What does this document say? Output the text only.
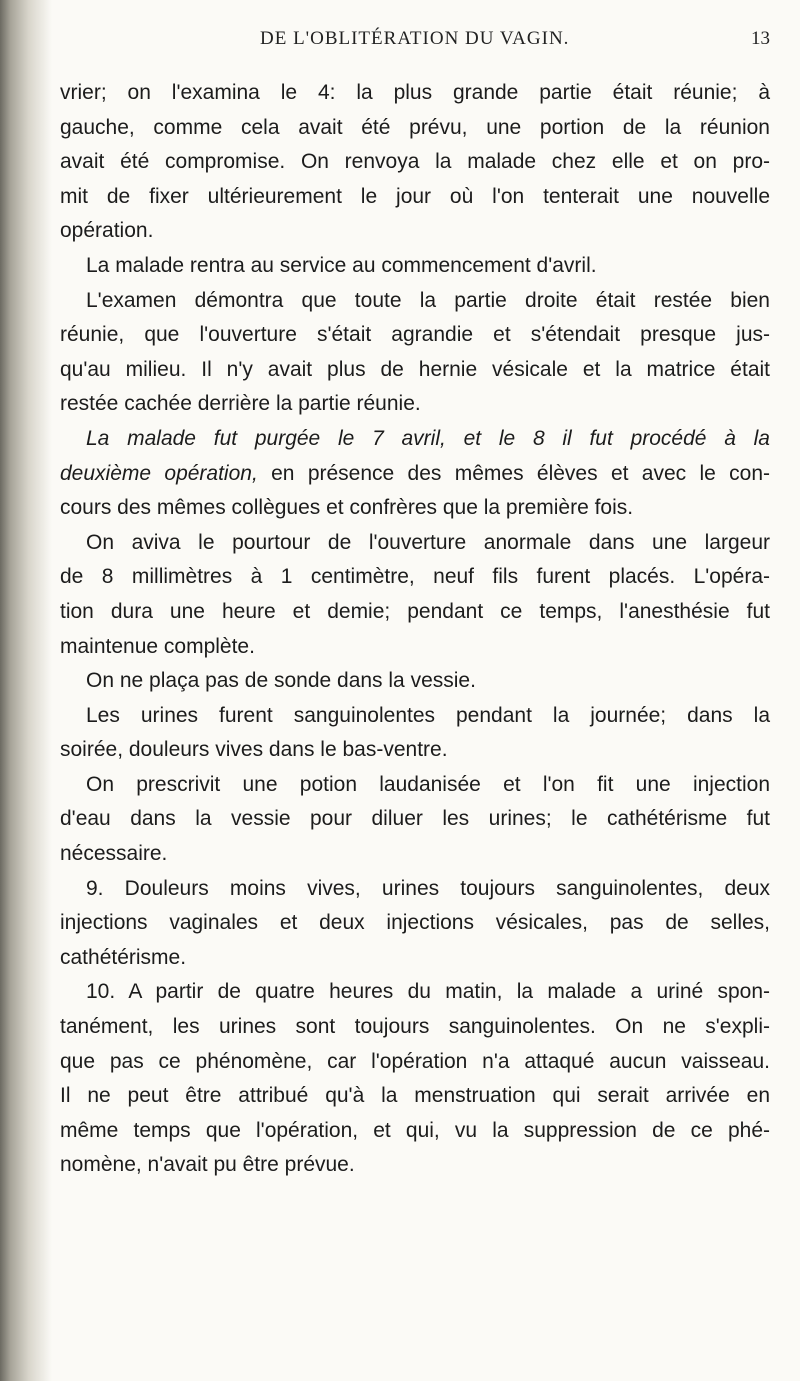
DE L'OBLITÉRATION DU VAGIN.	13
vrier; on l'examina le 4: la plus grande partie était réunie; à
gauche, comme cela avait été prévu, une portion de la réunion
avait été compromise. On renvoya la malade chez elle et on pro-
mit de fixer ultérieurement le jour où l'on tenterait une nouvelle
opération.
La malade rentra au service au commencement d'avril.
L'examen démontra que toute la partie droite était restée bien
réunie, que l'ouverture s'était agrandie et s'étendait presque jus-
qu'au milieu. Il n'y avait plus de hernie vésicale et la matrice était
restée cachée derrière la partie réunie.
La malade fut purgée le 7 avril, et le 8 il fut procédé à la
deuxième opération, en présence des mêmes élèves et avec le con-
cours des mêmes collègues et confrères que la première fois.
On aviva le pourtour de l'ouverture anormale dans une largeur
de 8 millimètres à 1 centimètre, neuf fils furent placés. L'opéra-
tion dura une heure et demie; pendant ce temps, l'anesthésie fut
maintenue complète.
On ne plaça pas de sonde dans la vessie.
Les urines furent sanguinolentes pendant la journée; dans la
soirée, douleurs vives dans le bas-ventre.
On prescrivit une potion laudanisée et l'on fit une injection
d'eau dans la vessie pour diluer les urines; le cathétérisme fut
nécessaire.
9. Douleurs moins vives, urines toujours sanguinolentes, deux
injections vaginales et deux injections vésicales, pas de selles,
cathétérisme.
10. A partir de quatre heures du matin, la malade a uriné spon-
tanément, les urines sont toujours sanguinolentes. On ne s'expli-
que pas ce phénomène, car l'opération n'a attaqué aucun vaisseau.
Il ne peut être attribué qu'à la menstruation qui serait arrivée en
même temps que l'opération, et qui, vu la suppression de ce phé-
nomène, n'avait pu être prévue.
